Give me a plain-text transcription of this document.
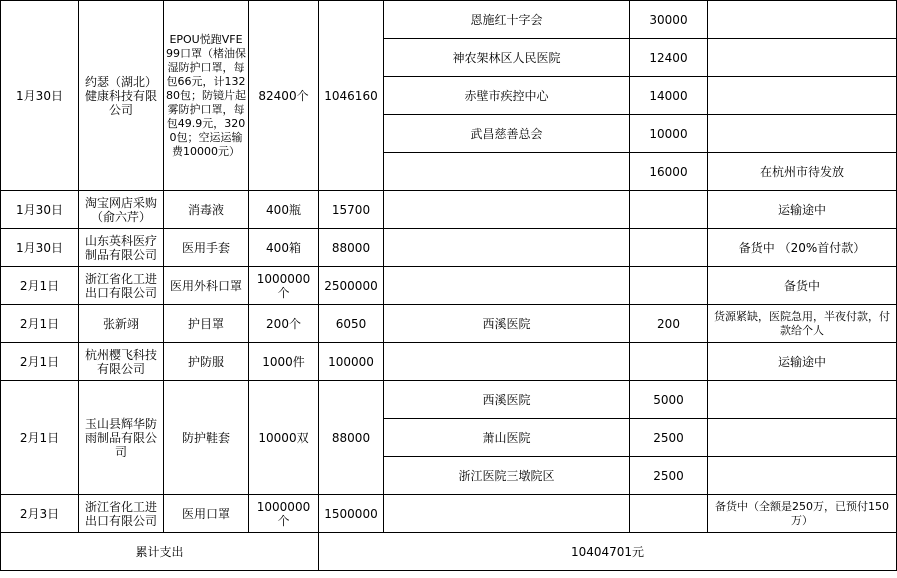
1月30日	约瑟（湖北）健康科技有限公司	EPOU悦跑VFE99口罩（楮油保湿防护口罩，每包66元，计13280包；防镜片起雾防护口罩，每包49.9元，3200包；空运运输费10000元）	82400个	1046160	恩施红十字会	30000	
					神农架林区人民医院	12400	
					赤壁市疾控中心	14000	
					武昌慈善总会	10000	
						16000	在杭州市待发放
1月30日	淘宝网店采购（俞六芹）	消毒液	400瓶	15700			运输途中
1月30日	山东英科医疗制品有限公司	医用手套	400箱	88000			备货中 （20%首付款）
2月1日	浙江省化工进出口有限公司	医用外科口罩	1000000个	2500000			备货中
2月1日	张新翊	护目罩	200个	6050	西溪医院	200	货源紧缺，医院急用，半夜付款，付款给个人
2月1日	杭州樱飞科技有限公司	护防服	1000件	100000			运输途中
2月1日	玉山县辉华防雨制品有限公司	防护鞋套	10000双	88000	西溪医院	5000	
					萧山医院	2500	
					浙江医院三墩院区	2500	
2月3日	浙江省化工进出口有限公司	医用口罩	1000000个	1500000			备货中（全额是250万，已预付150万）
累计支出				10404701元			
